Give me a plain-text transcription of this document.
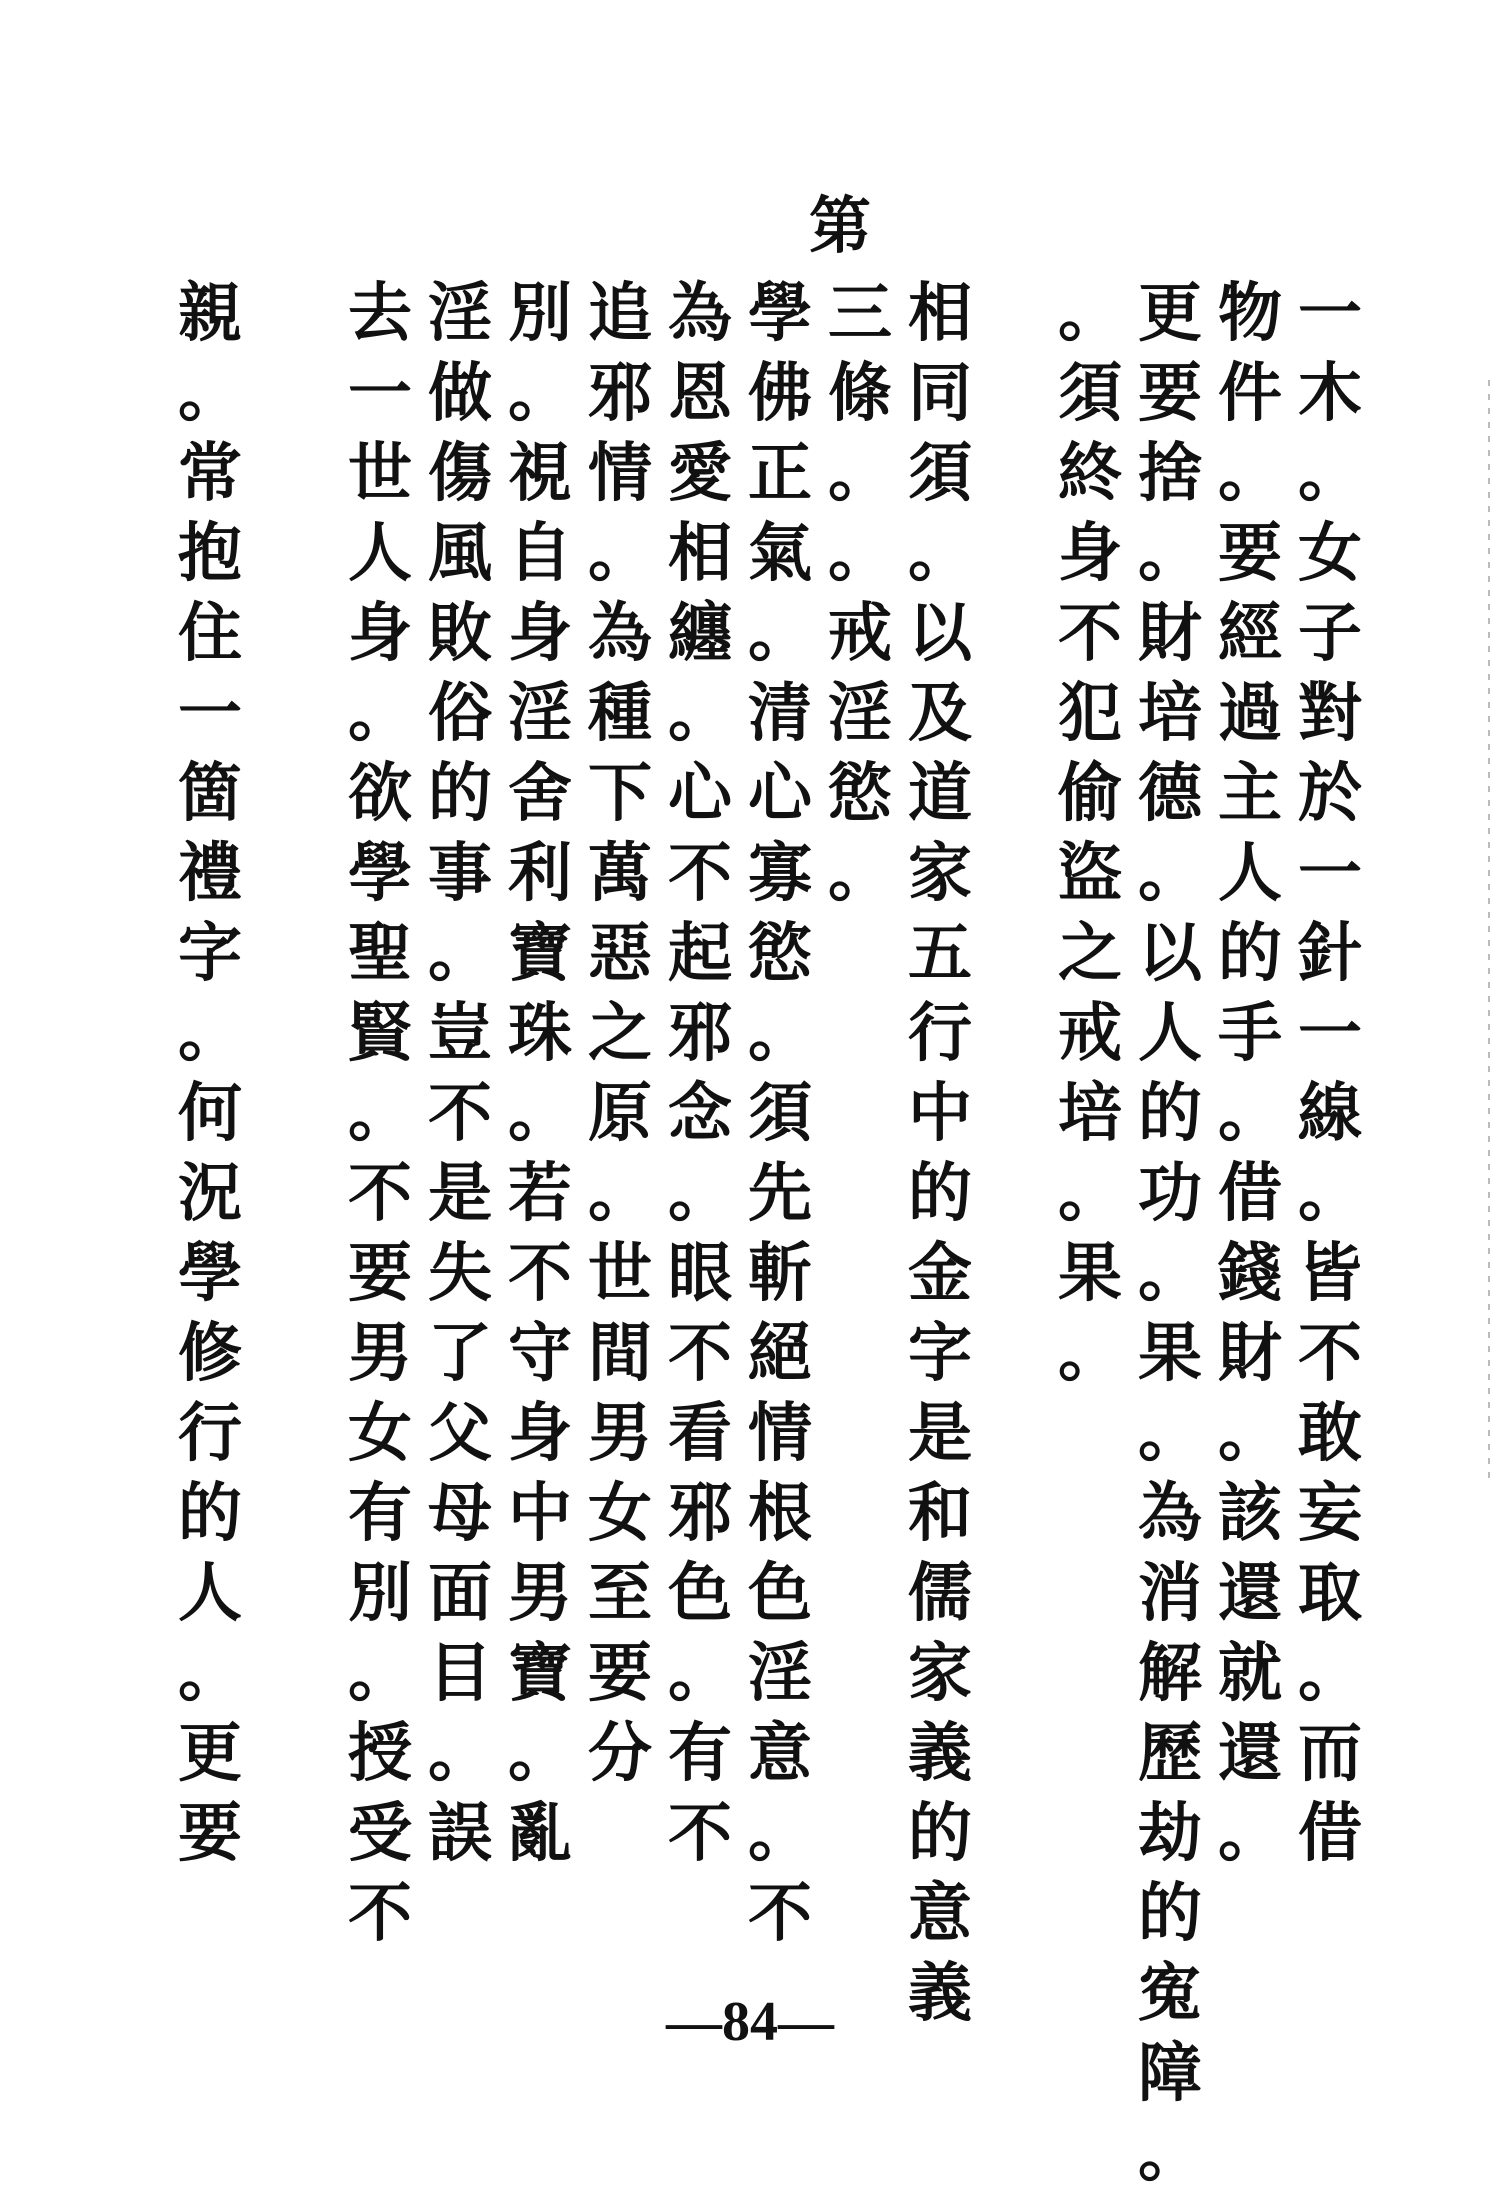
第
一
木
。
女
子
對
於
一
針
一
線
。
皆
不
敢
妄
取
。
而
借
物
件
。
要
經
過
主
人
的
手
。
借
錢
財
。
該
還
就
還
。
更
要
捨
。
財
培
德
。
以
人
的
功
。
果
。
為
消
解
歷
劫
的
寃
障
。
。
須
終
身
不
犯
偷
盜
之
戒
培
。
果
。
相
同
須
。
以
及
道
家
五
行
中
的
金
字
是
和
儒
家
義
的
意
義
三
條
。
。
戒
淫
慾
。
學
佛
正
氣
。
清
心
寡
慾
。
須
先
斬
絕
情
根
色
淫
意
。
不
為
恩
愛
相
纏
。
心
不
起
邪
念
。
眼
不
看
邪
色
。
有
不
追
邪
情
。
為
種
下
萬
惡
之
原
。
世
間
男
女
至
要
分
別
。
視
自
身
淫
舍
利
寶
珠
。
若
不
守
身
中
男
寶
。
亂
淫
做
傷
風
敗
俗
的
事
。
豈
不
是
失
了
父
母
面
目
。
誤
去
一
世
人
身
。
欲
學
聖
賢
。
不
要
男
女
有
別
。
授
受
不
親
。
常
抱
住
一
箇
禮
字
。
何
況
學
修
行
的
人
。
更
要
—84—
